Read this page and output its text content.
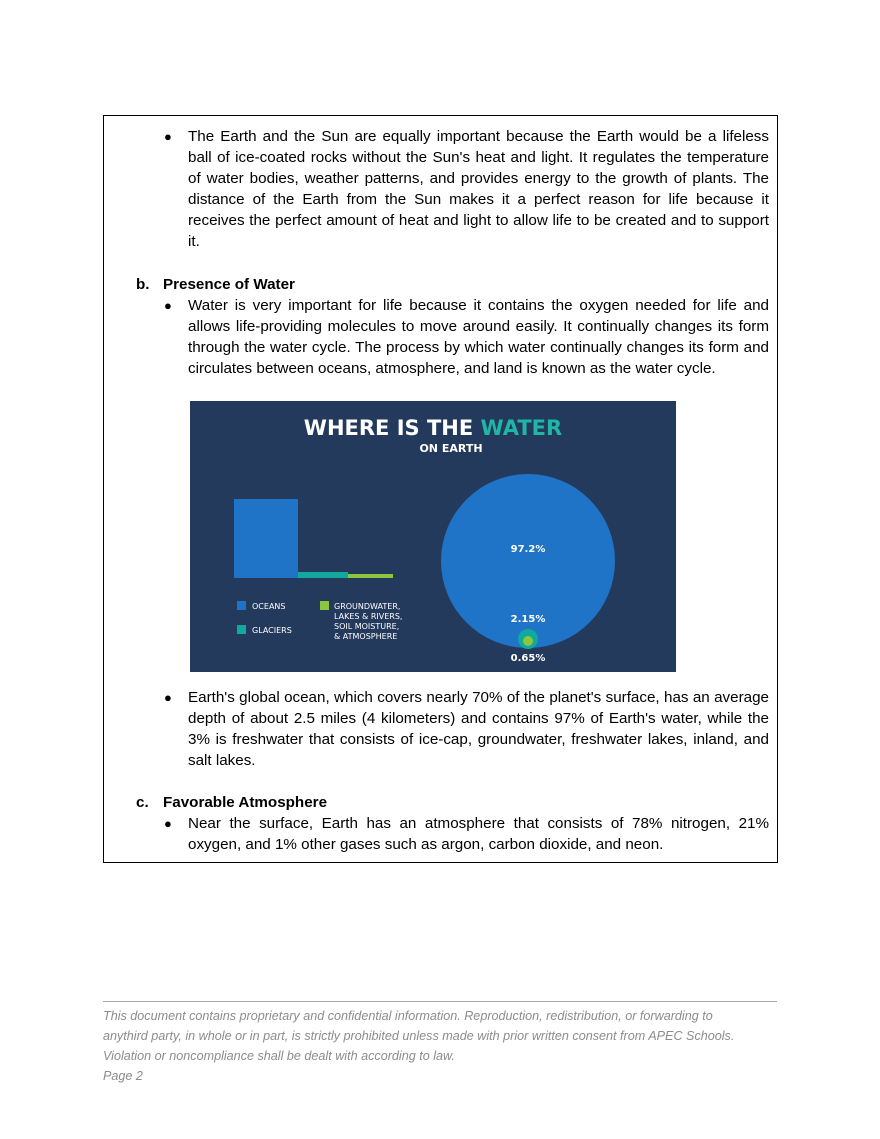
● The Earth and the Sun are equally important because the Earth would be a lifeless ball of ice-coated rocks without the Sun's heat and light. It regulates the temperature of water bodies, weather patterns, and provides energy to the growth of plants. The distance of the Earth from the Sun makes it a perfect reason for life because it receives the perfect amount of heat and light to allow life to be created and to support it.

b. Presence of Water
● Water is very important for life because it contains the oxygen needed for life and allows life-providing molecules to move around easily. It continually changes its form through the water cycle. The process by which water continually changes its form and circulates between oceans, atmosphere, and land is known as the water cycle.

WHERE IS THE WATER
ON EARTH
OCEANS
GLACIERS
GROUNDWATER,
LAKES & RIVERS,
SOIL MOISTURE,
& ATMOSPHERE
97.2%
2.15%
0.65%
● Earth's global ocean, which covers nearly 70% of the planet's surface, has an average depth of about 2.5 miles (4 kilometers) and contains 97% of Earth's water, while the 3% is freshwater that consists of ice-cap, groundwater, freshwater lakes, inland, and salt lakes.

c. Favorable Atmosphere
● Near the surface, Earth has an atmosphere that consists of 78% nitrogen, 21% oxygen, and 1% other gases such as argon, carbon dioxide, and neon.

This document contains proprietary and confidential information. Reproduction, redistribution, or forwarding to
anythird party, in whole or in part, is strictly prohibited unless made with prior written consent from APEC Schools.
Violation or noncompliance shall be dealt with according to law.
Page 2
